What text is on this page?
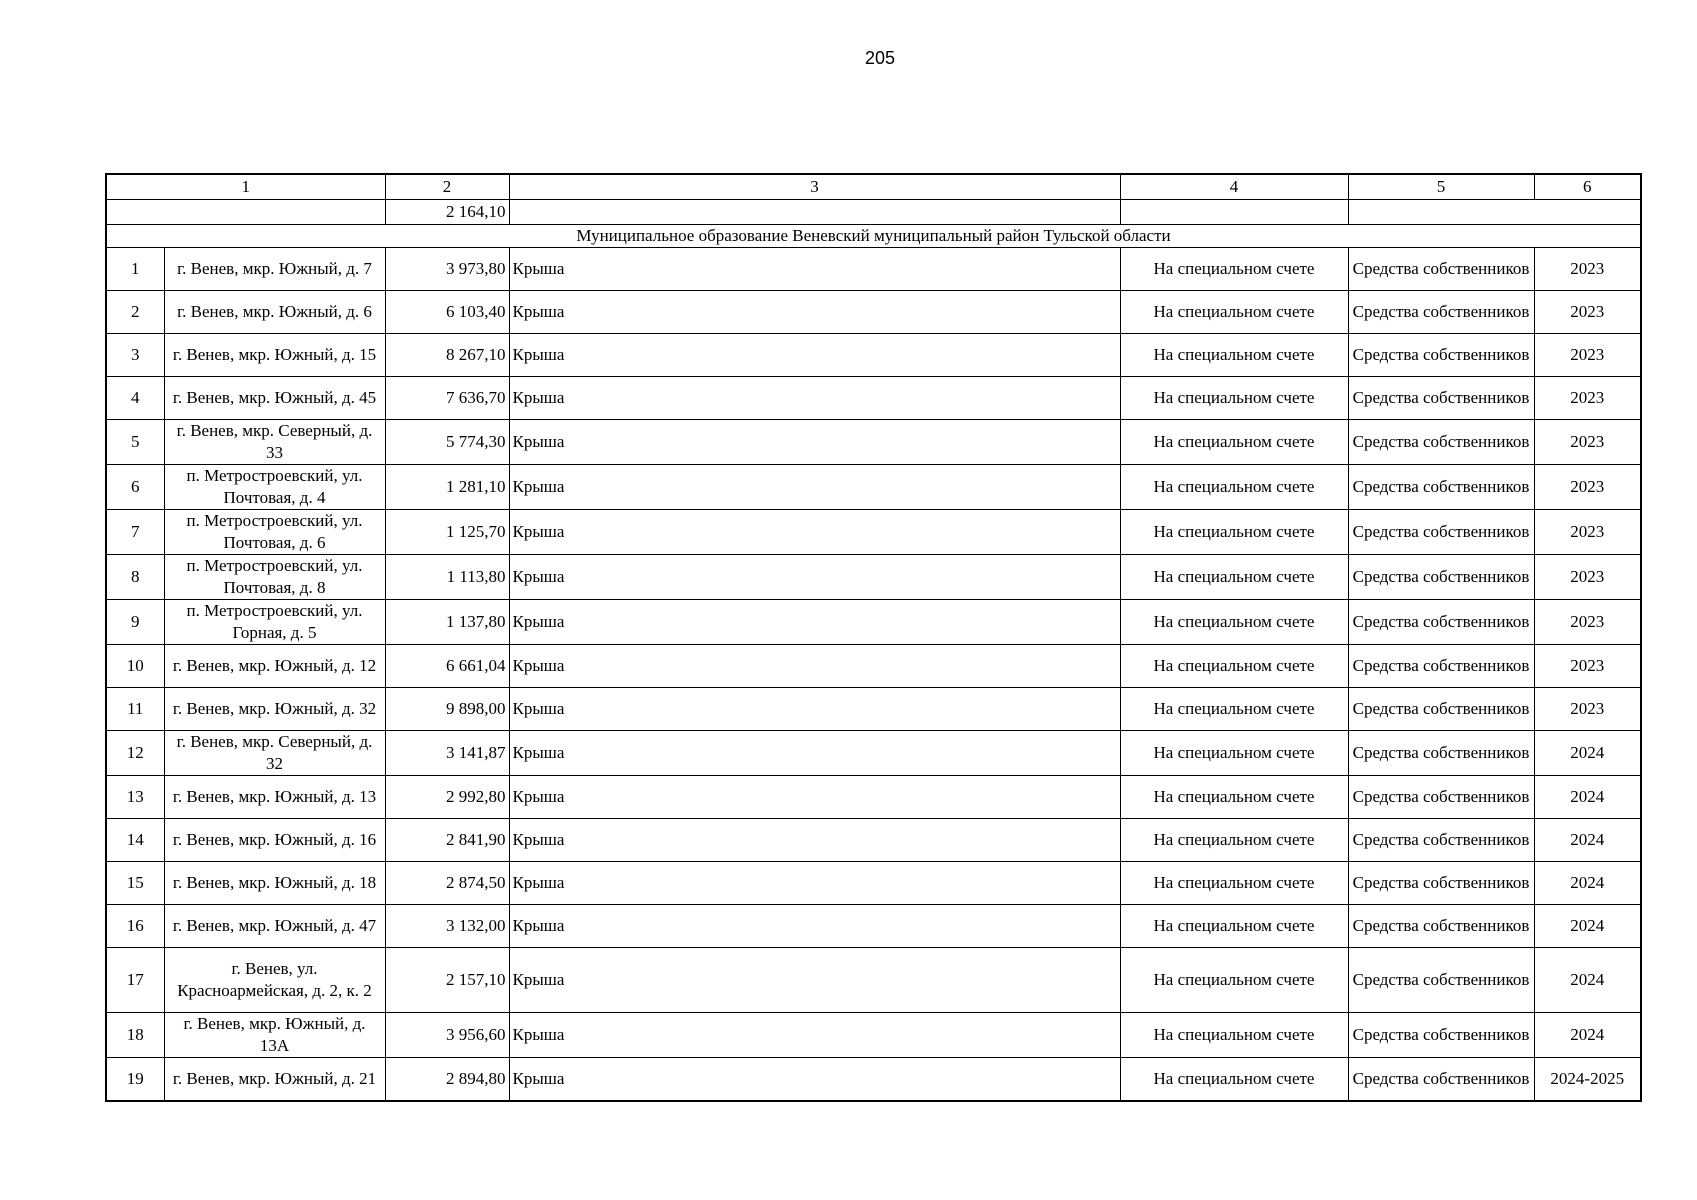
205
1		2	3	4	5	6
		2 164,10				
Муниципальное образование Веневский муниципальный район Тульской области						
1	г. Венев, мкр. Южный, д. 7	3 973,80	Крыша	На специальном счете	Средства собственников	2023
2	г. Венев, мкр. Южный, д. 6	6 103,40	Крыша	На специальном счете	Средства собственников	2023
3	г. Венев, мкр. Южный, д. 15	8 267,10	Крыша	На специальном счете	Средства собственников	2023
4	г. Венев, мкр. Южный, д. 45	7 636,70	Крыша	На специальном счете	Средства собственников	2023
5	г. Венев, мкр. Северный, д. 33	5 774,30	Крыша	На специальном счете	Средства собственников	2023
6	п. Метростроевский, ул. Почтовая, д. 4	1 281,10	Крыша	На специальном счете	Средства собственников	2023
7	п. Метростроевский, ул. Почтовая, д. 6	1 125,70	Крыша	На специальном счете	Средства собственников	2023
8	п. Метростроевский, ул. Почтовая, д. 8	1 113,80	Крыша	На специальном счете	Средства собственников	2023
9	п. Метростроевский, ул. Горная, д. 5	1 137,80	Крыша	На специальном счете	Средства собственников	2023
10	г. Венев, мкр. Южный, д. 12	6 661,04	Крыша	На специальном счете	Средства собственников	2023
11	г. Венев, мкр. Южный, д. 32	9 898,00	Крыша	На специальном счете	Средства собственников	2023
12	г. Венев, мкр. Северный, д. 32	3 141,87	Крыша	На специальном счете	Средства собственников	2024
13	г. Венев, мкр. Южный, д. 13	2 992,80	Крыша	На специальном счете	Средства собственников	2024
14	г. Венев, мкр. Южный, д. 16	2 841,90	Крыша	На специальном счете	Средства собственников	2024
15	г. Венев, мкр. Южный, д. 18	2 874,50	Крыша	На специальном счете	Средства собственников	2024
16	г. Венев, мкр. Южный, д. 47	3 132,00	Крыша	На специальном счете	Средства собственников	2024
17	г. Венев, ул. Красноармейская, д. 2, к. 2	2 157,10	Крыша	На специальном счете	Средства собственников	2024
18	г. Венев, мкр. Южный, д. 13А	3 956,60	Крыша	На специальном счете	Средства собственников	2024
19	г. Венев, мкр. Южный, д. 21	2 894,80	Крыша	На специальном счете	Средства собственников	2024-2025
